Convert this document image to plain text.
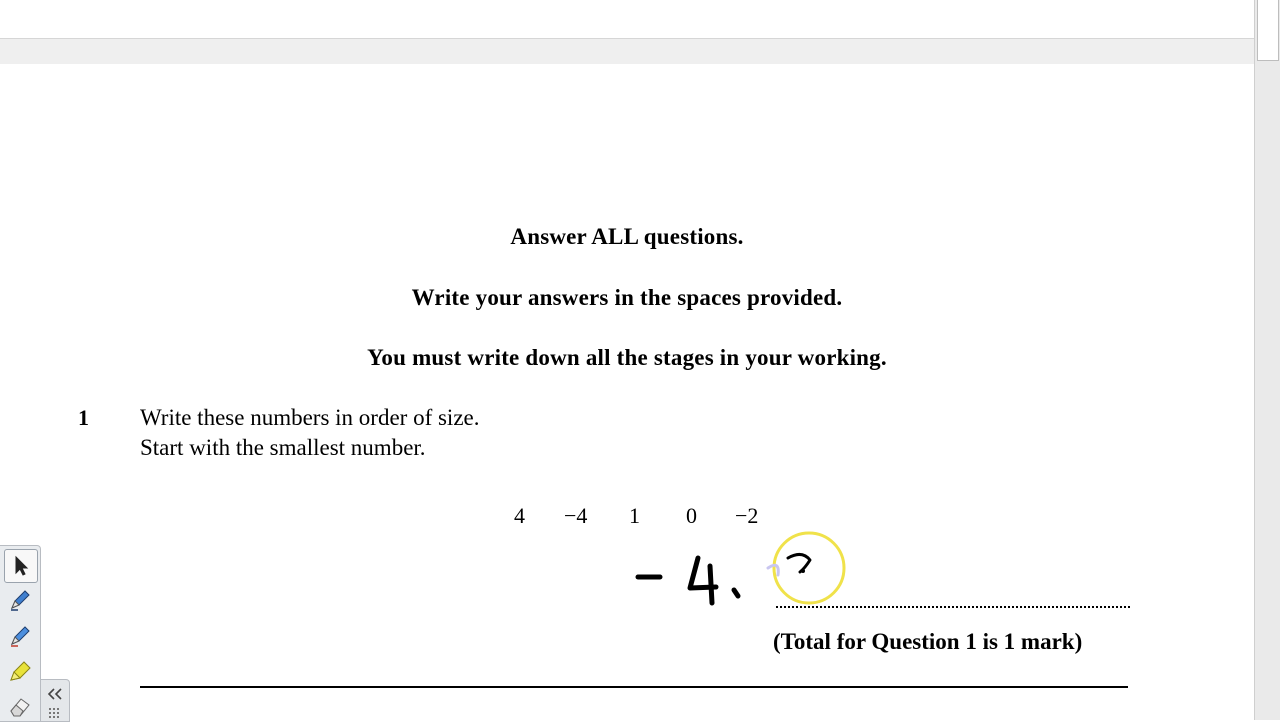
Answer ALL questions.
Write your answers in the spaces provided.
You must write down all the stages in your working.
1 Write these numbers in order of size.
Start with the smallest number.
4 −4 1 0 −2
(Total for Question 1 is 1 mark)
